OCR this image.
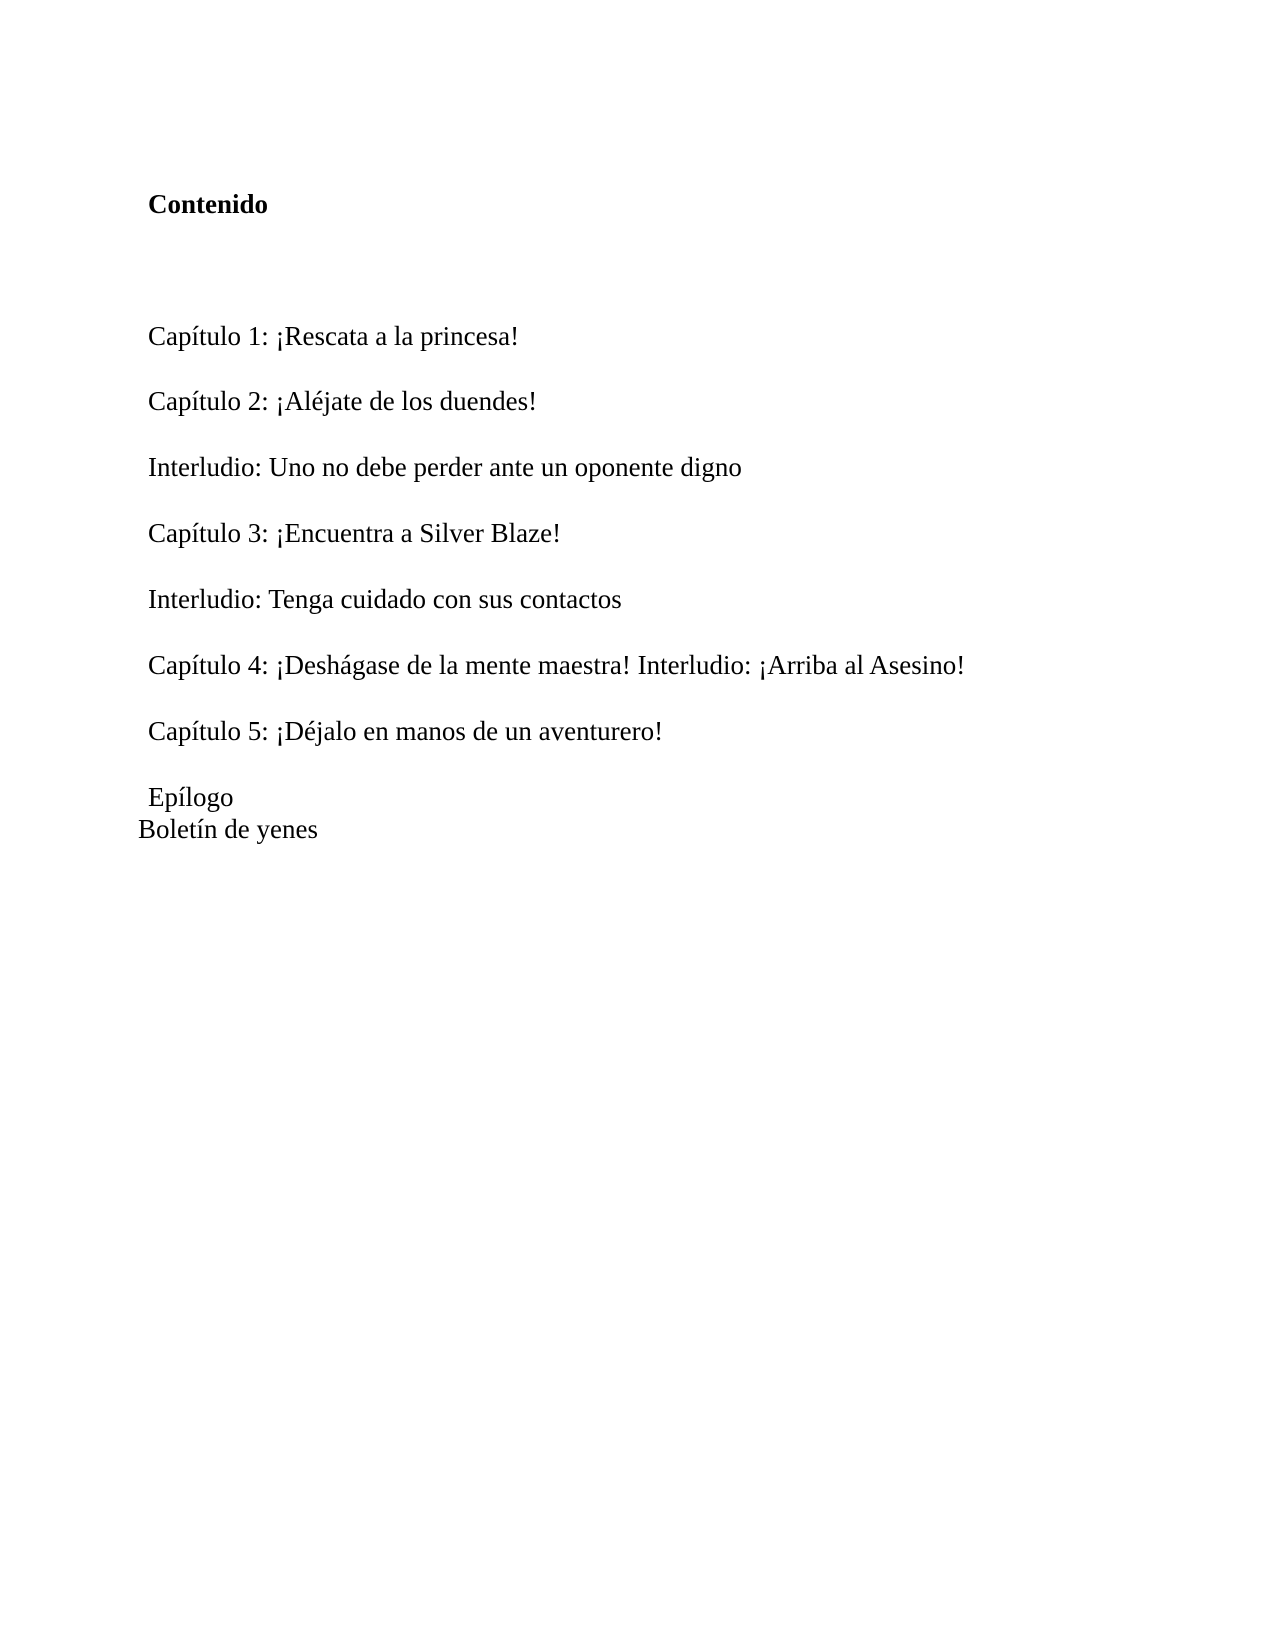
Contenido
Capítulo 1: ¡Rescata a la princesa!
Capítulo 2: ¡Aléjate de los duendes!
Interludio: Uno no debe perder ante un oponente digno
Capítulo 3: ¡Encuentra a Silver Blaze!
Interludio: Tenga cuidado con sus contactos
Capítulo 4: ¡Deshágase de la mente maestra! Interludio: ¡Arriba al Asesino!
Capítulo 5: ¡Déjalo en manos de un aventurero!
Epílogo
Boletín de yenes
